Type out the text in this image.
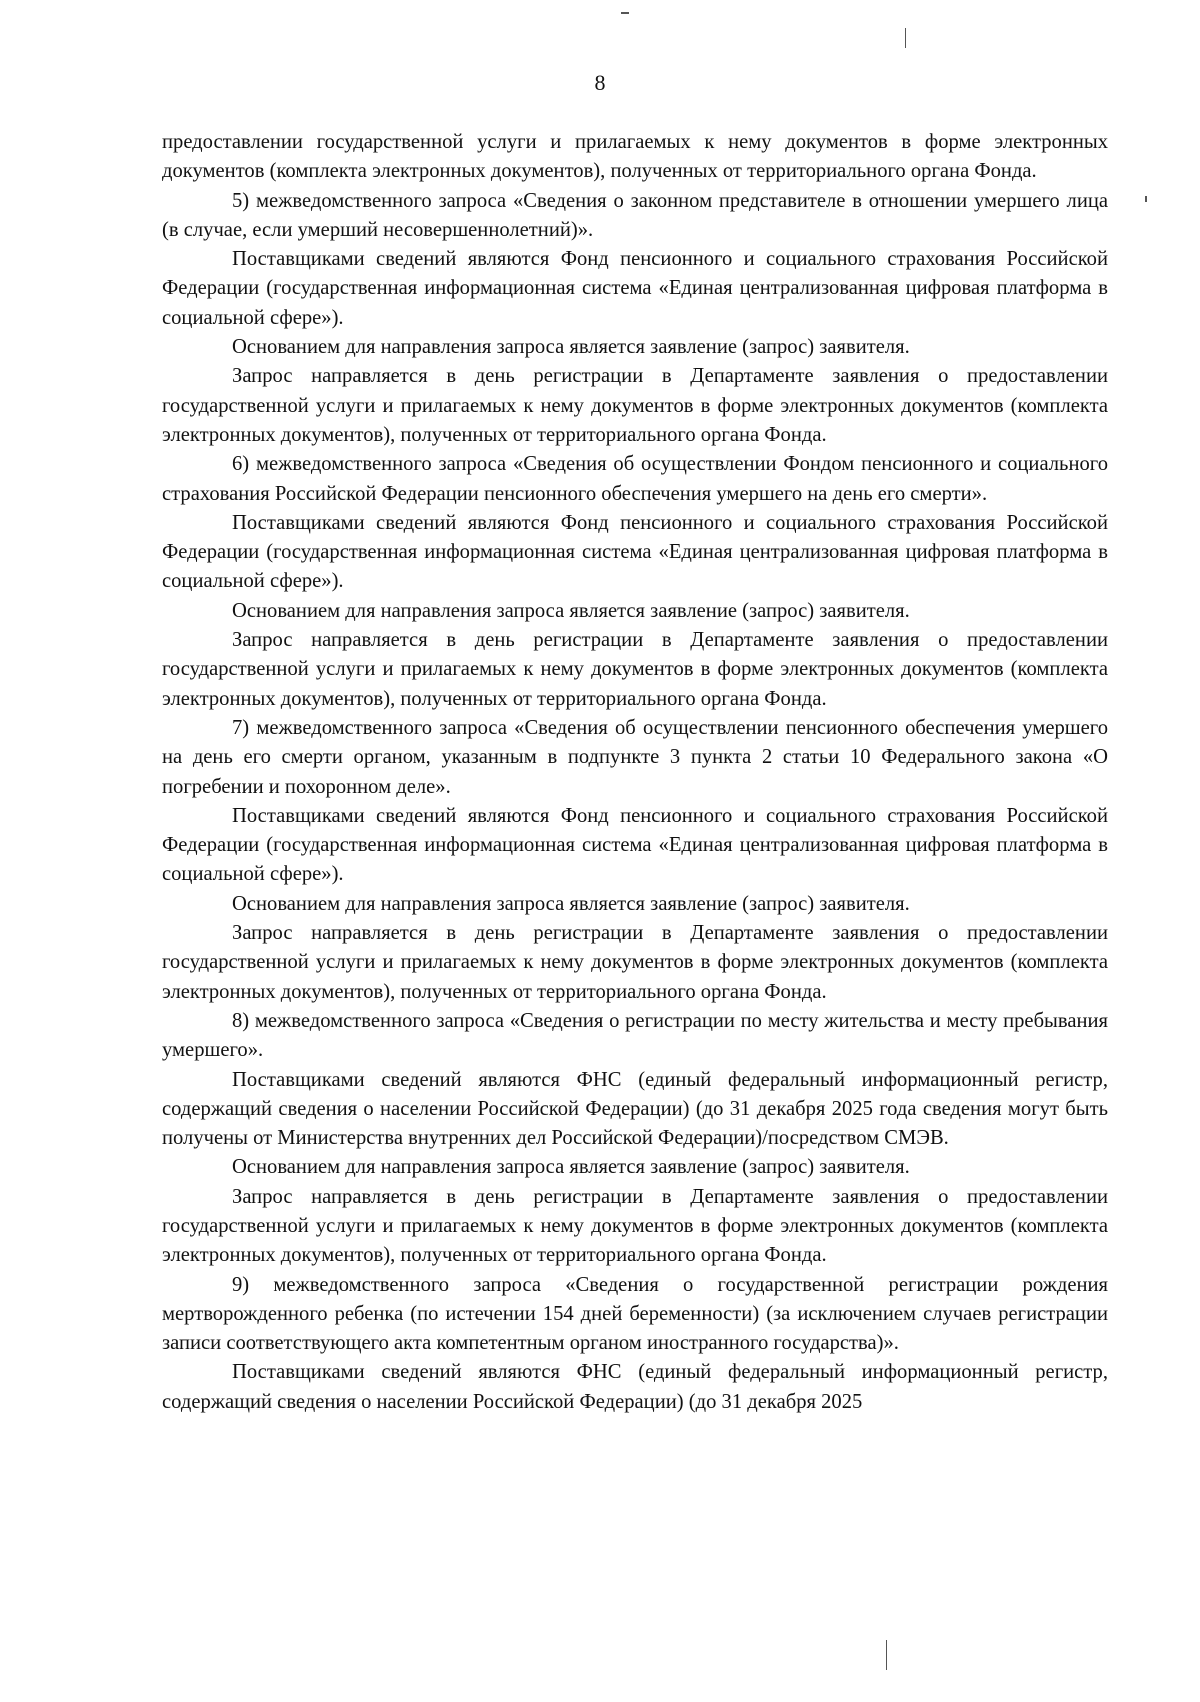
8

предоставлении государственной услуги и прилагаемых к нему документов в форме электронных документов (комплекта электронных документов), полученных от территориального органа Фонда.

5) межведомственного запроса «Сведения о законном представителе в отношении умершего лица (в случае, если умерший несовершеннолетний)».

Поставщиками сведений являются Фонд пенсионного и социального страхования Российской Федерации (государственная информационная система «Единая централизованная цифровая платформа в социальной сфере»).

Основанием для направления запроса является заявление (запрос) заявителя.

Запрос направляется в день регистрации в Департаменте заявления о предоставлении государственной услуги и прилагаемых к нему документов в форме электронных документов (комплекта электронных документов), полученных от территориального органа Фонда.

6) межведомственного запроса «Сведения об осуществлении Фондом пенсионного и социального страхования Российской Федерации пенсионного обеспечения умершего на день его смерти».

Поставщиками сведений являются Фонд пенсионного и социального страхования Российской Федерации (государственная информационная система «Единая централизованная цифровая платформа в социальной сфере»).

Основанием для направления запроса является заявление (запрос) заявителя.

Запрос направляется в день регистрации в Департаменте заявления о предоставлении государственной услуги и прилагаемых к нему документов в форме электронных документов (комплекта электронных документов), полученных от территориального органа Фонда.

7) межведомственного запроса «Сведения об осуществлении пенсионного обеспечения умершего на день его смерти органом, указанным в подпункте 3 пункта 2 статьи 10 Федерального закона «О погребении и похоронном деле».

Поставщиками сведений являются Фонд пенсионного и социального страхования Российской Федерации (государственная информационная система «Единая централизованная цифровая платформа в социальной сфере»).

Основанием для направления запроса является заявление (запрос) заявителя.

Запрос направляется в день регистрации в Департаменте заявления о предоставлении государственной услуги и прилагаемых к нему документов в форме электронных документов (комплекта электронных документов), полученных от территориального органа Фонда.

8) межведомственного запроса «Сведения о регистрации по месту жительства и месту пребывания умершего».

Поставщиками сведений являются ФНС (единый федеральный информационный регистр, содержащий сведения о населении Российской Федерации) (до 31 декабря 2025 года сведения могут быть получены от Министерства внутренних дел Российской Федерации)/посредством СМЭВ.

Основанием для направления запроса является заявление (запрос) заявителя.

Запрос направляется в день регистрации в Департаменте заявления о предоставлении государственной услуги и прилагаемых к нему документов в форме электронных документов (комплекта электронных документов), полученных от территориального органа Фонда.

9) межведомственного запроса «Сведения о государственной регистрации рождения мертворожденного ребенка (по истечении 154 дней беременности) (за исключением случаев регистрации записи соответствующего акта компетентным органом иностранного государства)».

Поставщиками сведений являются ФНС (единый федеральный информационный регистр, содержащий сведения о населении Российской Федерации) (до 31 декабря 2025
